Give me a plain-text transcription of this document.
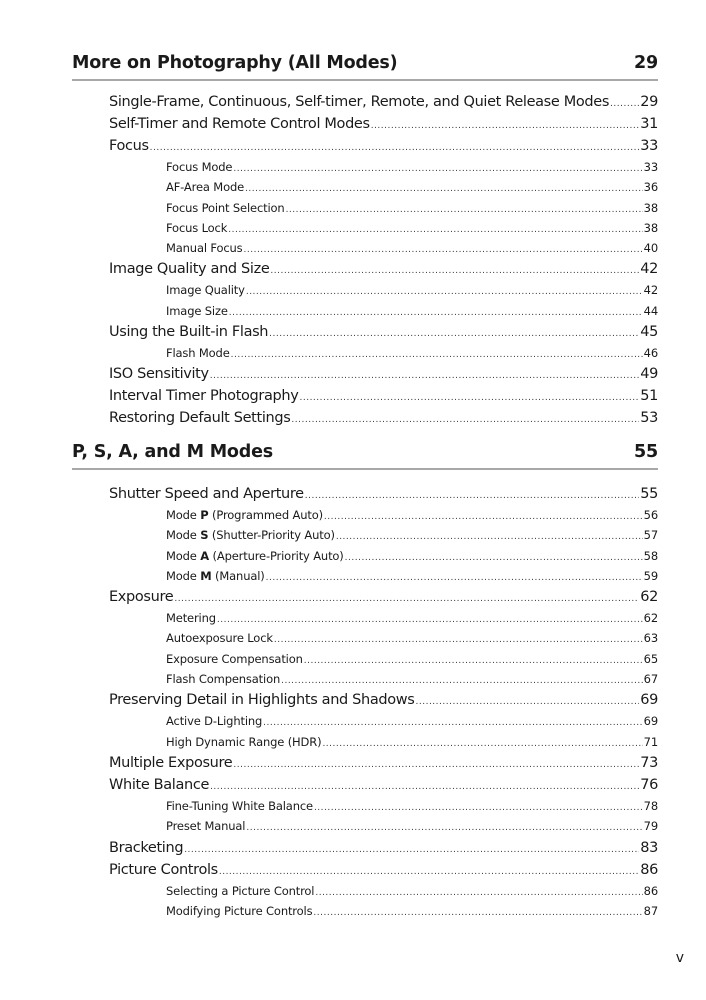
More on Photography (All Modes)	29
Single-Frame, Continuous, Self-timer, Remote, and Quiet Release Modes ..... 29
Self-Timer and Remote Control Modes .....	31
Focus .....	33
Focus Mode .....	33
AF-Area Mode .....	36
Focus Point Selection .....	38
Focus Lock .....	38
Manual Focus .....	40
Image Quality and Size .....	42
Image Quality .....	42
Image Size .....	44
Using the Built-in Flash .....	45
Flash Mode .....	46
ISO Sensitivity .....	49
Interval Timer Photography .....	51
Restoring Default Settings .....	53
P, S, A, and M Modes	55
Shutter Speed and Aperture .....	55
Mode P (Programmed Auto) .....	56
Mode S (Shutter-Priority Auto) .....	57
Mode A (Aperture-Priority Auto) .....	58
Mode M (Manual) .....	59
Exposure .....	62
Metering .....	62
Autoexposure Lock .....	63
Exposure Compensation .....	65
Flash Compensation .....	67
Preserving Detail in Highlights and Shadows .....	69
Active D-Lighting .....	69
High Dynamic Range (HDR) .....	71
Multiple Exposure .....	73
White Balance .....	76
Fine-Tuning White Balance .....	78
Preset Manual .....	79
Bracketing .....	83
Picture Controls .....	86
Selecting a Picture Control .....	86
Modifying Picture Controls .....	87
v
